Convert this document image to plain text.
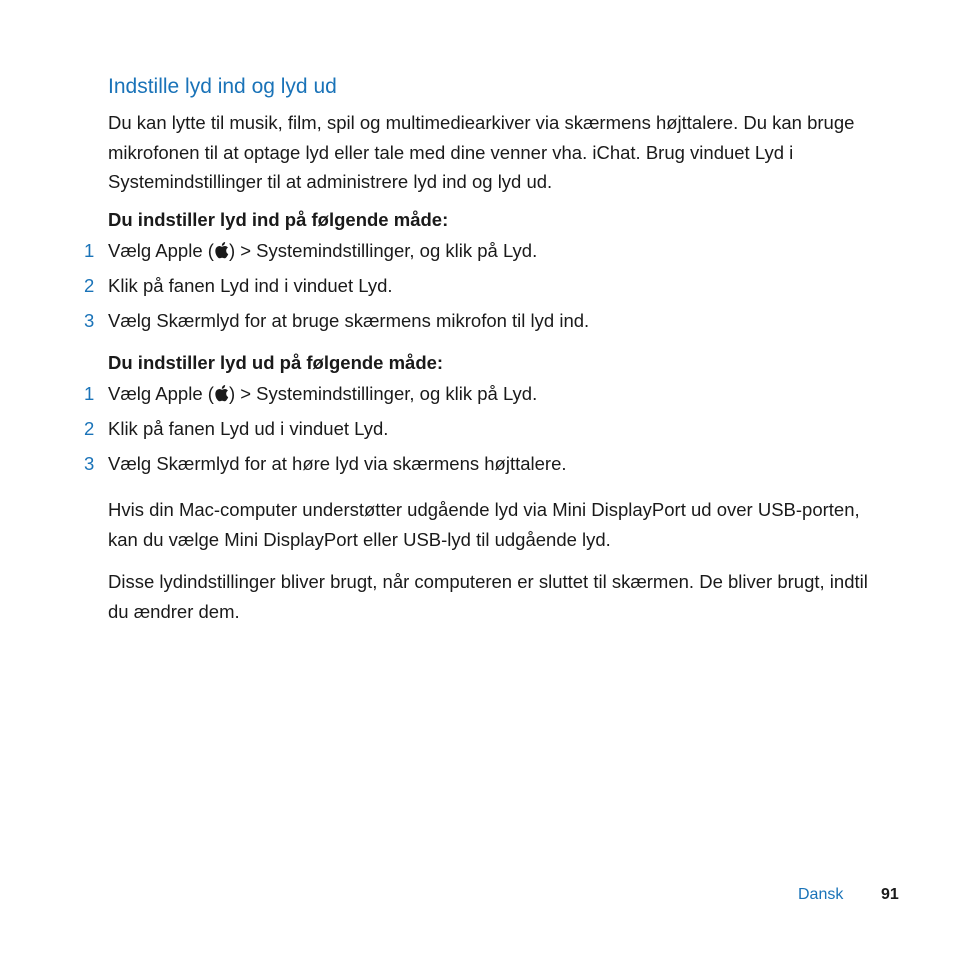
Indstille lyd ind og lyd ud

Du kan lytte til musik, film, spil og multimediearkiver via skærmens højttalere. Du kan bruge mikrofonen til at optage lyd eller tale med dine venner vha. iChat. Brug vinduet Lyd i Systemindstillinger til at administrere lyd ind og lyd ud.

Du indstiller lyd ind på følgende måde:

1 Vælg Apple ( ) > Systemindstillinger, og klik på Lyd.
2 Klik på fanen Lyd ind i vinduet Lyd.
3 Vælg Skærmlyd for at bruge skærmens mikrofon til lyd ind.

Du indstiller lyd ud på følgende måde:

1 Vælg Apple ( ) > Systemindstillinger, og klik på Lyd.
2 Klik på fanen Lyd ud i vinduet Lyd.
3 Vælg Skærmlyd for at høre lyd via skærmens højttalere.

Hvis din Mac-computer understøtter udgående lyd via Mini DisplayPort ud over USB-porten, kan du vælge Mini DisplayPort eller USB-lyd til udgående lyd.

Disse lydindstillinger bliver brugt, når computeren er sluttet til skærmen. De bliver brugt, indtil du ændrer dem.

Dansk 91
